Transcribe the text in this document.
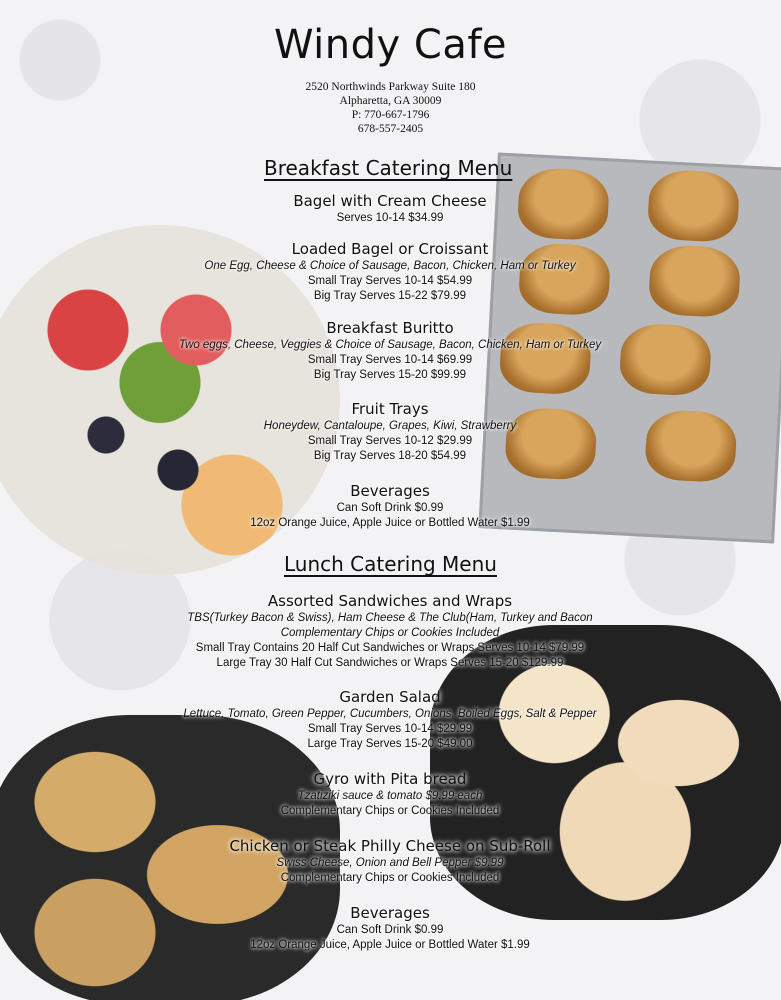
Windy Cafe
2520 Northwinds Parkway Suite 180
Alpharetta, GA 30009
P: 770-667-1796
678-557-2405
Breakfast Catering Menu
Bagel with Cream Cheese
Serves 10-14 $34.99
Loaded Bagel or Croissant
One Egg, Cheese & Choice of Sausage, Bacon, Chicken, Ham or Turkey
Small Tray Serves 10-14 $54.99
Big Tray Serves 15-22 $79.99
Breakfast Buritto
Two eggs, Cheese, Veggies & Choice of Sausage, Bacon, Chicken, Ham or Turkey
Small Tray Serves 10-14 $69.99
Big Tray Serves 15-20 $99.99
Fruit Trays
Honeydew, Cantaloupe, Grapes, Kiwi, Strawberry
Small Tray Serves 10-12 $29.99
Big Tray Serves 18-20 $54.99
Beverages
Can Soft Drink $0.99
12oz Orange Juice, Apple Juice or Bottled Water $1.99
Lunch Catering Menu
Assorted Sandwiches and Wraps
TBS(Turkey Bacon & Swiss), Ham Cheese & The Club(Ham, Turkey and Bacon
Complementary Chips or Cookies Included
Small Tray Contains 20 Half Cut Sandwiches or Wraps Serves 10-14 $79.99
Large Tray 30 Half Cut Sandwiches or Wraps Serves 15-20 $129.99
Garden Salad
Lettuce, Tomato, Green Pepper, Cucumbers, Onions, Boiled Eggs, Salt & Pepper
Small Tray Serves 10-14 $29.99
Large Tray Serves 15-20 $49.00
Gyro with Pita bread
Tzatiziki sauce & tomato $9.99 each
Complementary Chips or Cookies Included
Chicken or Steak Philly Cheese on Sub-Roll
Swiss Cheese, Onion and Bell Pepper $9.99
Complementary Chips or Cookies Included
Beverages
Can Soft Drink $0.99
12oz Orange Juice, Apple Juice or Bottled Water $1.99
